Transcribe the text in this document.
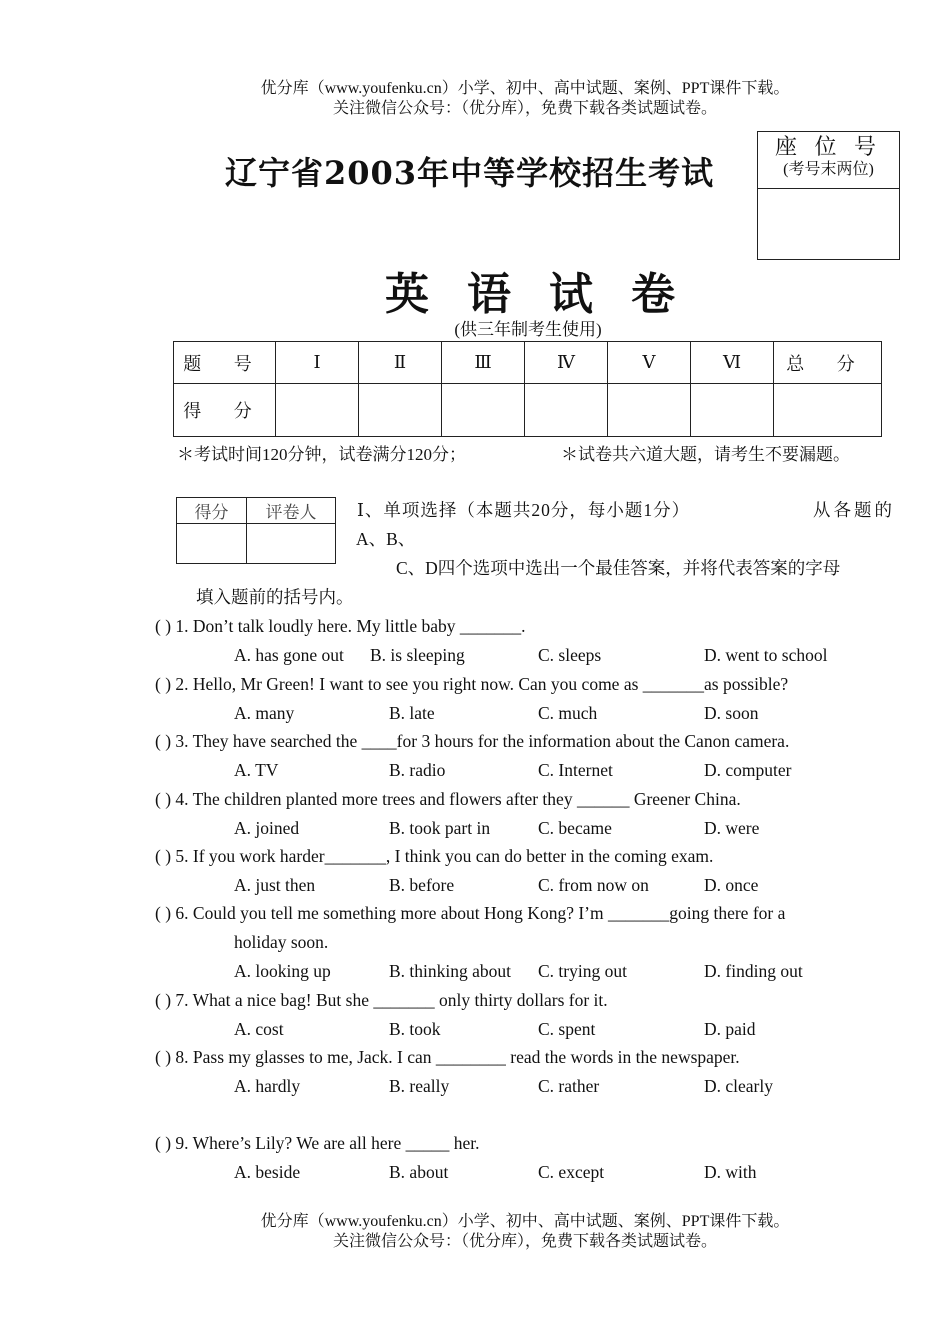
优分库（www.youfenku.cn）小学、初中、高中试题、案例、PPT课件下载。
关注微信公众号：（优分库），免费下载各类试题试卷。
辽宁省2003年中等学校招生考试
座 位 号
(考号末两位)
英语试卷
(供三年制考生使用)
题 号	Ⅰ	Ⅱ	Ⅲ	Ⅳ	Ⅴ	Ⅵ	总 分
得 分							
＊考试时间120分钟，试卷满分120分；	＊试卷共六道大题，请考生不要漏题。
得分	评卷人
	Ⅰ、单项选择（本题共20分，每小题1分）	从各题的
A、B、
C、D四个选项中选出一个最佳答案，并将代表答案的字母
填入题前的括号内。
( ) 1. Don’t talk loudly here. My little baby _______.
A. has gone out B. is sleeping	C. sleeps	D. went to school
( ) 2. Hello, Mr Green! I want to see you right now. Can you come as _______as possible?
A. many	B. late	C. much	D. soon
( ) 3. They have searched the ____for 3 hours for the information about the Canon camera.
A. TV	B. radio	C. Internet	D. computer
( ) 4. The children planted more trees and flowers after they ______ Greener China.
A. joined	B. took part in	C. became	D. were
( ) 5. If you work harder_______, I think you can do better in the coming exam.
A. just then	B. before	C. from now on	D. once
( ) 6. Could you tell me something more about Hong Kong? I’m _______going there for a
holiday soon.
A. looking up	B. thinking about C. trying out	D. finding out
( ) 7. What a nice bag! But she _______ only thirty dollars for it.
A. cost	B. took	C. spent	D. paid
( ) 8. Pass my glasses to me, Jack. I can ________ read the words in the newspaper.
A. hardly	B. really	C. rather	D. clearly
( ) 9. Where’s Lily? We are all here _____ her.
A. beside	B. about	C. except	D. with
优分库（www.youfenku.cn）小学、初中、高中试题、案例、PPT课件下载。
关注微信公众号：（优分库），免费下载各类试题试卷。
